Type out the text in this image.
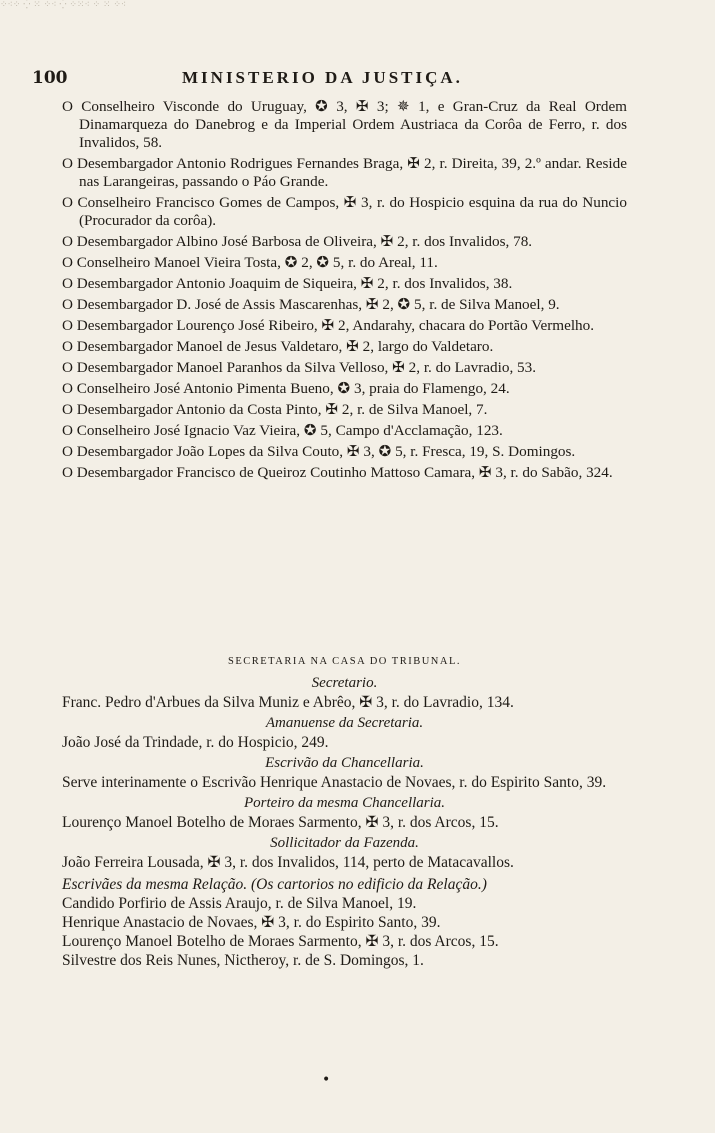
⁘⁖⁘ ⁛ ⁙ ⁘⁖ ⁛ ⁘⁙⁖ ⁘ ⁙ ⁘⁖
100	MINISTERIO DA JUSTIÇA.

O Conselheiro Visconde do Uruguay, ✪ 3, ✠ 3; ✵ 1, e Gran-Cruz da Real Ordem Dinamarqueza do Danebrog e da Imperial Ordem Austriaca da Corôa de Ferro, r. dos Invalidos, 58.

O Desembargador Antonio Rodrigues Fernandes Braga, ✠ 2, r. Direita, 39, 2.º andar. Reside nas Larangeiras, passando o Páo Grande.

O Conselheiro Francisco Gomes de Campos, ✠ 3, r. do Hospicio esquina da rua do Nuncio (Procurador da corôa).

O Desembargador Albino José Barbosa de Oliveira, ✠ 2, r. dos Invalidos, 78.

O Conselheiro Manoel Vieira Tosta, ✪ 2, ✪ 5, r. do Areal, 11.

O Desembargador Antonio Joaquim de Siqueira, ✠ 2, r. dos Invalidos, 38.

O Desembargador D. José de Assis Mascarenhas, ✠ 2, ✪ 5, r. de Silva Manoel, 9.

O Desembargador Lourenço José Ribeiro, ✠ 2, Andarahy, chacara do Portão Vermelho.

O Desembargador Manoel de Jesus Valdetaro, ✠ 2, largo do Valdetaro.

O Desembargador Manoel Paranhos da Silva Velloso, ✠ 2, r. do Lavradio, 53.

O Conselheiro José Antonio Pimenta Bueno, ✪ 3, praia do Flamengo, 24.

O Desembargador Antonio da Costa Pinto, ✠ 2, r. de Silva Manoel, 7.

O Conselheiro José Ignacio Vaz Vieira, ✪ 5, Campo d'Acclamação, 123.

O Desembargador João Lopes da Silva Couto, ✠ 3, ✪ 5, r. Fresca, 19, S. Domingos.

O Desembargador Francisco de Queiroz Coutinho Mattoso Camara, ✠ 3, r. do Sabão, 324.

SECRETARIA NA CASA DO TRIBUNAL.
Secretario.

Franc. Pedro d'Arbues da Silva Muniz e Abrêo, ✠ 3, r. do Lavradio, 134.

Amanuense da Secretaria.

João José da Trindade, r. do Hospicio, 249.

Escrivão da Chancellaria.

Serve interinamente o Escrivão Henrique Anastacio de Novaes, r. do Espirito Santo, 39.

Porteiro da mesma Chancellaria.

Lourenço Manoel Botelho de Moraes Sarmento, ✠ 3, r. dos Arcos, 15.

Sollicitador da Fazenda.

João Ferreira Lousada, ✠ 3, r. dos Invalidos, 114, perto de Matacavallos.

Escrivães da mesma Relação. (Os cartorios no edificio da Relação.)

Candido Porfirio de Assis Araujo, r. de Silva Manoel, 19.

Henrique Anastacio de Novaes, ✠ 3, r. do Espirito Santo, 39.

Lourenço Manoel Botelho de Moraes Sarmento, ✠ 3, r. dos Arcos, 15.

Silvestre dos Reis Nunes, Nictheroy, r. de S. Domingos, 1.

•
